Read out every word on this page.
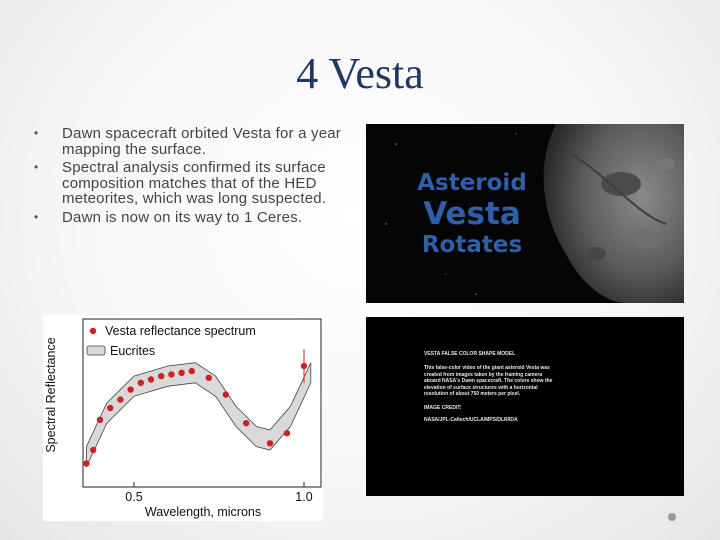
4 Vesta
• Dawn spacecraft orbited Vesta for a year mapping the surface.
• Spectral analysis confirmed its surface composition matches that of the HED meteorites, which was long suspected.
• Dawn is now on its way to 1 Ceres.
Asteroid
Vesta
Rotates
VESTA FALSE COLOR SHAPE MODEL
This false-color video of the giant asteroid Vesta was created from images taken by the framing camera aboard NASA's Dawn spacecraft. The colors show the elevation of surface structures with a horizontal resolution of about 750 meters per pixel.
IMAGE CREDIT:
NASA/JPL-Caltech/UCLA/MPS/DLR/IDA
0.5	1.0
Vesta reflectance spectrum
Eucrites
Spectral Reflectance
Wavelength, microns
